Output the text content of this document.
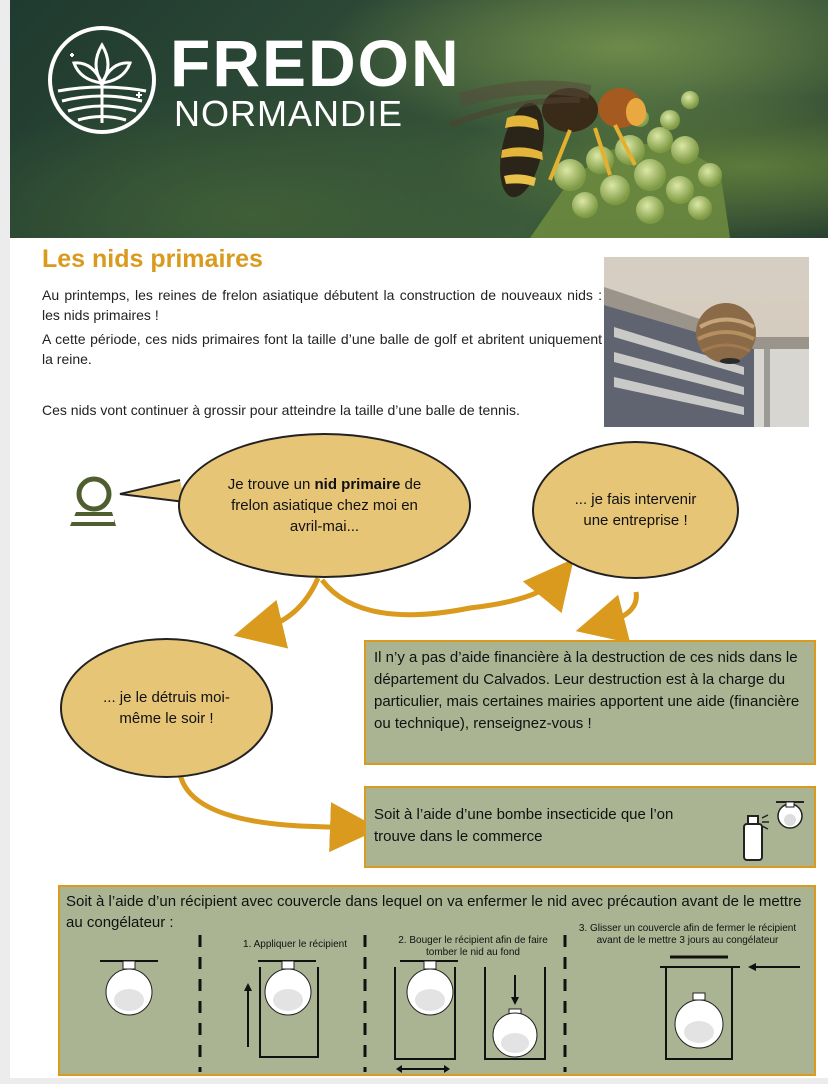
FREDON
NORMANDIE
Les nids primaires
Au printemps, les reines de frelon asiatique débutent la construction de nouveaux nids : les nids primaires !
A cette période, ces nids primaires font la taille d’une balle de golf et abritent uniquement la reine.
Ces nids vont continuer à grossir pour atteindre la taille d’une balle de tennis.
Je trouve un nid primaire de frelon asiatique chez moi en avril-mai...
... je fais intervenir une entreprise !
... je le détruis moi-même le soir !
Il n’y a pas d’aide financière à la destruction de ces nids dans le département du Calvados. Leur destruction est à la charge du particulier, mais certaines mairies apportent une aide (financière ou technique), renseignez-vous !
Soit à l’aide d’une bombe insecticide que l’on trouve dans le commerce
Soit à l’aide d’un récipient avec couvercle dans lequel on va enfermer le nid avec précaution avant de le mettre au congélateur :
1. Appliquer le récipient	2. Bouger le récipient afin de faire tomber le nid au fond
3. Glisser un couvercle afin de fermer le récipient avant de le mettre 3 jours au congélateur
